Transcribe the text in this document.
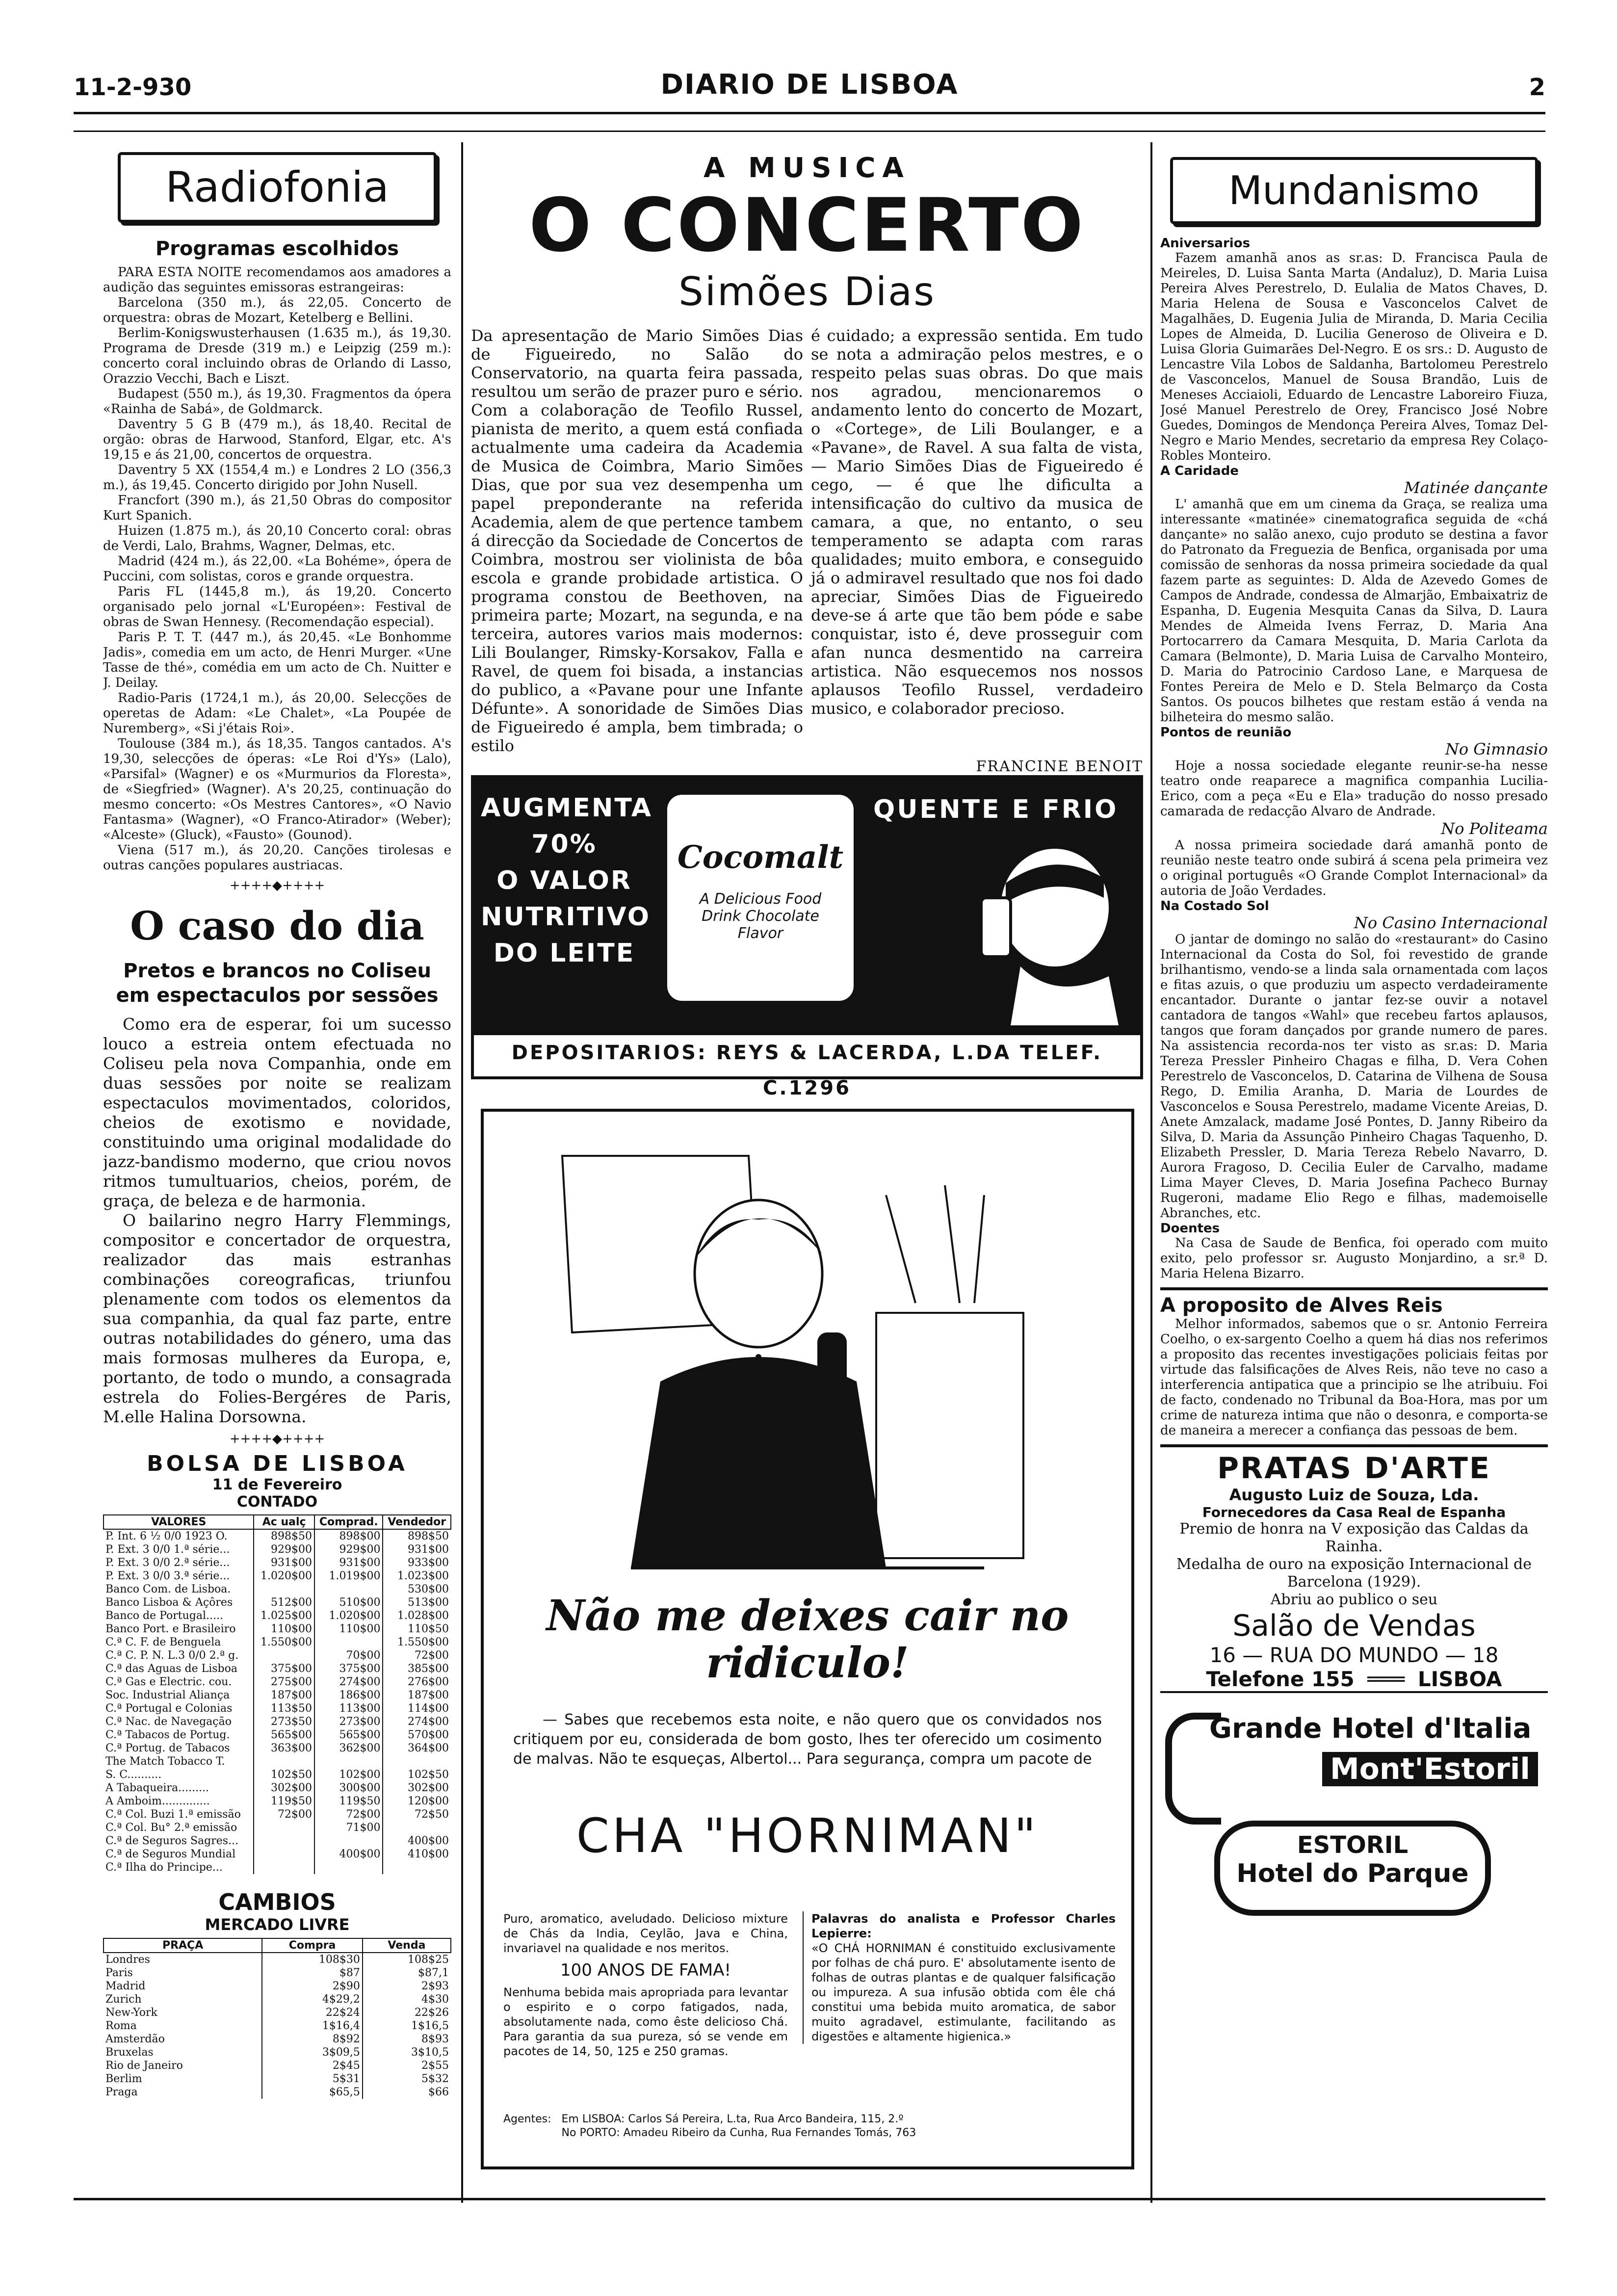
11-2-930	DIARIO DE LISBOA	2
Radiofonia
Programas escolhidos
PARA ESTA NOITE recomendamos aos amadores a audição das seguintes emissoras estrangeiras:
Barcelona (350 m.), ás 22,05. Concerto de orquestra: obras de Mozart, Ketelberg e Bellini.
Berlim-Konigswusterhausen (1.635 m.), ás 19,30. Programa de Dresde (319 m.) e Leipzig (259 m.): concerto coral incluindo obras de Orlando di Lasso, Orazzio Vecchi, Bach e Liszt.
Budapest (550 m.), ás 19,30. Fragmentos da ópera «Rainha de Sabá», de Goldmarck.
Daventry 5 G B (479 m.), ás 18,40. Recital de orgão: obras de Harwood, Stanford, Elgar, etc. A's 19,15 e ás 21,00, concertos de orquestra.
Daventry 5 XX (1554,4 m.) e Londres 2 LO (356,3 m.), ás 19,45. Concerto dirigido por John Nusell.
Francfort (390 m.), ás 21,50 Obras do compositor Kurt Spanich.
Huizen (1.875 m.), ás 20,10 Concerto coral: obras de Verdi, Lalo, Brahms, Wagner, Delmas, etc.
Madrid (424 m.), ás 22,00. «La Bohéme», ópera de Puccini, com solistas, coros e grande orquestra.
Paris FL (1445,8 m.), ás 19,20. Concerto organisado pelo jornal «L'Européen»: Festival de obras de Swan Hennesy. (Recomendação especial).
Paris P. T. T. (447 m.), ás 20,45. «Le Bonhomme Jadis», comedia em um acto, de Henri Murger. «Une Tasse de thé», comédia em um acto de Ch. Nuitter e J. Deilay.
Radio-Paris (1724,1 m.), ás 20,00. Selecções de operetas de Adam: «Le Chalet», «La Poupée de Nuremberg», «Si j'étais Roi».
Toulouse (384 m.), ás 18,35. Tangos cantados. A's 19,30, selecções de óperas: «Le Roi d'Ys» (Lalo), «Parsifal» (Wagner) e os «Murmurios da Floresta», de «Siegfried» (Wagner). A's 20,25, continuação do mesmo concerto: «Os Mestres Cantores», «O Navio Fantasma» (Wagner), «O Franco-Atirador» (Weber); «Alceste» (Gluck), «Fausto» (Gounod).
Viena (517 m.), ás 20,20. Canções tirolesas e outras canções populares austriacas.
++++◆++++
O caso do dia
Pretos e brancos no Coliseu em espectaculos por sessões
Como era de esperar, foi um sucesso louco a estreia ontem efectuada no Coliseu pela nova Companhia, onde em duas sessões por noite se realizam espectaculos movimentados, coloridos, cheios de exotismo e novidade, constituindo uma original modalidade do jazz-bandismo moderno, que criou novos ritmos tumultuarios, cheios, porém, de graça, de beleza e de harmonia.
O bailarino negro Harry Flemmings, compositor e concertador de orquestra, realizador das mais estranhas combinações coreograficas, triunfou plenamente com todos os elementos da sua companhia, da qual faz parte, entre outras notabilidades do género, uma das mais formosas mulheres da Europa, e, portanto, de todo o mundo, a consagrada estrela do Folies-Bergéres de Paris, M.elle Halina Dorsowna.
++++◆++++
BOLSA DE LISBOA
11 de Fevereiro
CONTADO
VALORES	Ac ualç	Comprad.	Vendedor
P. Int. 6 ½ 0/0 1923 O.	898$50	898$00	898$50
P. Ext. 3 0/0 1.ª série...	929$00	929$00	931$00
P. Ext. 3 0/0 2.ª série...	931$00	931$00	933$00
P. Ext. 3 0/0 3.ª série...	1.020$00	1.019$00	1.023$00
Banco Com. de Lisboa.			530$00
Banco Lisboa & Açôres	512$00	510$00	513$00
Banco de Portugal.....	1.025$00	1.020$00	1.028$00
Banco Port. e Brasileiro	110$00	110$00	110$50
C.ª C. F. de Benguela	1.550$00		1.550$00
C.ª C. P. N. L.3 0/0 2.ª g.		70$00	72$00
C.ª das Aguas de Lisboa	375$00	375$00	385$00
C.ª Gas e Electric. cou.	275$00	274$00	276$00
Soc. Industrial Aliança	187$00	186$00	187$00
C.ª Portugal e Colonias	113$50	113$00	114$00
C.ª Nac. de Navegação	273$50	273$00	274$00
C.ª Tabacos de Portug.	565$00	565$00	570$00
C.ª Portug. de Tabacos	363$00	362$00	364$00
The Match Tobacco T.			
S. C..........	102$50	102$00	102$50
A Tabaqueira.........	302$00	300$00	302$00
A Amboim..............	119$50	119$50	120$00
C.ª Col. Buzi 1.ª emissão	72$00	72$00	72$50
C.ª Col. Bu° 2.ª emissão		71$00	
C.ª de Seguros Sagres...			400$00
C.ª de Seguros Mundial		400$00	410$00
C.ª Ilha do Principe...			
CAMBIOS
MERCADO LIVRE
PRAÇA	Compra	Venda
Londres	108$30	108$25
Paris	$87	$87,1
Madrid	2$90	2$93
Zurich	4$29,2	4$30
New-York	22$24	22$26
Roma	1$16,4	1$16,5
Amsterdão	8$92	8$93
Bruxelas	3$09,5	3$10,5
Rio de Janeiro	2$45	2$55
Berlim	5$31	5$32
Praga	$65,5	$66
A MUSICA
O CONCERTO
Simões Dias
Da apresentação de Mario Simões Dias de Figueiredo, no Salão do Conservatorio, na quarta feira passada, resultou um serão de prazer puro e sério. Com a colaboração de Teofilo Russel, pianista de merito, a quem está confiada actualmente uma cadeira da Academia de Musica de Coimbra, Mario Simões Dias, que por sua vez desempenha um papel preponderante na referida Academia, alem de que pertence tambem á direcção da Sociedade de Concertos de Coimbra, mostrou ser violinista de bôa escola e grande probidade artistica. O programa constou de Beethoven, na primeira parte; Mozart, na segunda, e na terceira, autores varios mais modernos: Lili Boulanger, Rimsky-Korsakov, Falla e Ravel, de quem foi bisada, a instancias do publico, a «Pavane pour une Infante Défunte». A sonoridade de Simões Dias de Figueiredo é ampla, bem timbrada; o estilo
é cuidado; a expressão sentida. Em tudo se nota a admiração pelos mestres, e o respeito pelas suas obras. Do que mais nos agradou, mencionaremos o andamento lento do concerto de Mozart, o «Cortege», de Lili Boulanger, e a «Pavane», de Ravel. A sua falta de vista, — Mario Simões Dias de Figueiredo é cego, — é que lhe dificulta a intensificação do cultivo da musica de camara, a que, no entanto, o seu temperamento se adapta com raras qualidades; muito embora, e conseguido já o admiravel resultado que nos foi dado apreciar, Simões Dias de Figueiredo deve-se á arte que tão bem póde e sabe conquistar, isto é, deve prosseguir com afan nunca desmentido na carreira artistica. Não esquecemos nos nossos aplausos Teofilo Russel, verdadeiro musico, e colaborador precioso.
FRANCINE BENOIT
AUGMENTA
70%
O VALOR
NUTRITIVO
DO LEITE
Cocomalt
A Delicious Food Drink Chocolate Flavor
QUENTE E FRIO
DEPOSITARIOS: REYS & LACERDA, L.DA TELEF. C.1296
Não me deixes cair no ridiculo!
— Sabes que recebemos esta noite, e não quero que os convidados nos critiquem por eu, considerada de bom gosto, lhes ter oferecido um cosimento de malvas. Não te esqueças, Albertol... Para segurança, compra um pacote de
CHA "HORNIMAN"
Puro, aromatico, aveludado. Delicioso mixture de Chás da India, Ceylão, Java e China, invariavel na qualidade e nos meritos.
100 ANOS DE FAMA!
Nenhuma bebida mais apropriada para levantar o espirito e o corpo fatigados, nada, absolutamente nada, como êste delicioso Chá. Para garantia da sua pureza, só se vende em pacotes de 14, 50, 125 e 250 gramas.
Palavras do analista e Professor Charles Lepierre:
«O CHÁ HORNIMAN é constituido exclusivamente por folhas de chá puro. E' absolutamente isento de folhas de outras plantas e de qualquer falsificação ou impureza. A sua infusão obtida com êle chá constitui uma bebida muito aromatica, de sabor muito agradavel, estimulante, facilitando as digestões e altamente higienica.»
Agentes: Em LISBOA: Carlos Sá Pereira, L.ta, Rua Arco Bandeira, 115, 2.º
No PORTO: Amadeu Ribeiro da Cunha, Rua Fernandes Tomás, 763
Mundanismo
Aniversarios
Fazem amanhã anos as sr.as: D. Francisca Paula de Meireles, D. Luisa Santa Marta (Andaluz), D. Maria Luisa Pereira Alves Perestrelo, D. Eulalia de Matos Chaves, D. Maria Helena de Sousa e Vasconcelos Calvet de Magalhães, D. Eugenia Julia de Miranda, D. Maria Cecilia Lopes de Almeida, D. Lucilia Generoso de Oliveira e D. Luisa Gloria Guimarães Del-Negro. E os srs.: D. Augusto de Lencastre Vila Lobos de Saldanha, Bartolomeu Perestrelo de Vasconcelos, Manuel de Sousa Brandão, Luis de Meneses Acciaioli, Eduardo de Lencastre Laboreiro Fiuza, José Manuel Perestrelo de Orey, Francisco José Nobre Guedes, Domingos de Mendonça Pereira Alves, Tomaz Del-Negro e Mario Mendes, secretario da empresa Rey Colaço-Robles Monteiro.
A Caridade
Matinée dançante
L' amanhã que em um cinema da Graça, se realiza uma interessante «matinée» cinematografica seguida de «chá dançante» no salão anexo, cujo produto se destina a favor do Patronato da Freguezia de Benfica, organisada por uma comissão de senhoras da nossa primeira sociedade da qual fazem parte as seguintes: D. Alda de Azevedo Gomes de Campos de Andrade, condessa de Almarjão, Embaixatriz de Espanha, D. Eugenia Mesquita Canas da Silva, D. Laura Mendes de Almeida Ivens Ferraz, D. Maria Ana Portocarrero da Camara Mesquita, D. Maria Carlota da Camara (Belmonte), D. Maria Luisa de Carvalho Monteiro, D. Maria do Patrocinio Cardoso Lane, e Marquesa de Fontes Pereira de Melo e D. Stela Belmarço da Costa Santos. Os poucos bilhetes que restam estão á venda na bilheteira do mesmo salão.
Pontos de reunião
No Gimnasio
Hoje a nossa sociedade elegante reunir-se-ha nesse teatro onde reaparece a magnifica companhia Lucilia-Erico, com a peça «Eu e Ela» tradução do nosso presado camarada de redacção Alvaro de Andrade.
No Politeama
A nossa primeira sociedade dará amanhã ponto de reunião neste teatro onde subirá á scena pela primeira vez o original português «O Grande Complot Internacional» da autoria de João Verdades.
Na Costado Sol
No Casino Internacional
O jantar de domingo no salão do «restaurant» do Casino Internacional da Costa do Sol, foi revestido de grande brilhantismo, vendo-se a linda sala ornamentada com laços e fitas azuis, o que produziu um aspecto verdadeiramente encantador. Durante o jantar fez-se ouvir a notavel cantadora de tangos «Wahl» que recebeu fartos aplausos, tangos que foram dançados por grande numero de pares. Na assistencia recorda-nos ter visto as sr.as: D. Maria Tereza Pressler Pinheiro Chagas e filha, D. Vera Cohen Perestrelo de Vasconcelos, D. Catarina de Vilhena de Sousa Rego, D. Emilia Aranha, D. Maria de Lourdes de Vasconcelos e Sousa Perestrelo, madame Vicente Areias, D. Anete Amzalack, madame José Pontes, D. Janny Ribeiro da Silva, D. Maria da Assunção Pinheiro Chagas Taquenho, D. Elizabeth Pressler, D. Maria Tereza Rebelo Navarro, D. Aurora Fragoso, D. Cecilia Euler de Carvalho, madame Lima Mayer Cleves, D. Maria Josefina Pacheco Burnay Rugeroni, madame Elio Rego e filhas, mademoiselle Abranches, etc.
Doentes
Na Casa de Saude de Benfica, foi operado com muito exito, pelo professor sr. Augusto Monjardino, a sr.ª D. Maria Helena Bizarro.
A proposito de Alves Reis
Melhor informados, sabemos que o sr. Antonio Ferreira Coelho, o ex-sargento Coelho a quem há dias nos referimos a proposito das recentes investigações policiais feitas por virtude das falsificações de Alves Reis, não teve no caso a interferencia antipatica que a principio se lhe atribuiu. Foi de facto, condenado no Tribunal da Boa-Hora, mas por um crime de natureza intima que não o desonra, e comporta-se de maneira a merecer a confiança das pessoas de bem.
PRATAS D'ARTE
Augusto Luiz de Souza, Lda.
Fornecedores da Casa Real de Espanha
Premio de honra na V exposição das Caldas da Rainha.
Medalha de ouro na exposição Internacional de Barcelona (1929).
Abriu ao publico o seu
Salão de Vendas
16 — RUA DO MUNDO — 18
Telefone 155 ═══ LISBOA
Grande Hotel d'Italia
Mont'Estoril
ESTORIL
Hotel do Parque
